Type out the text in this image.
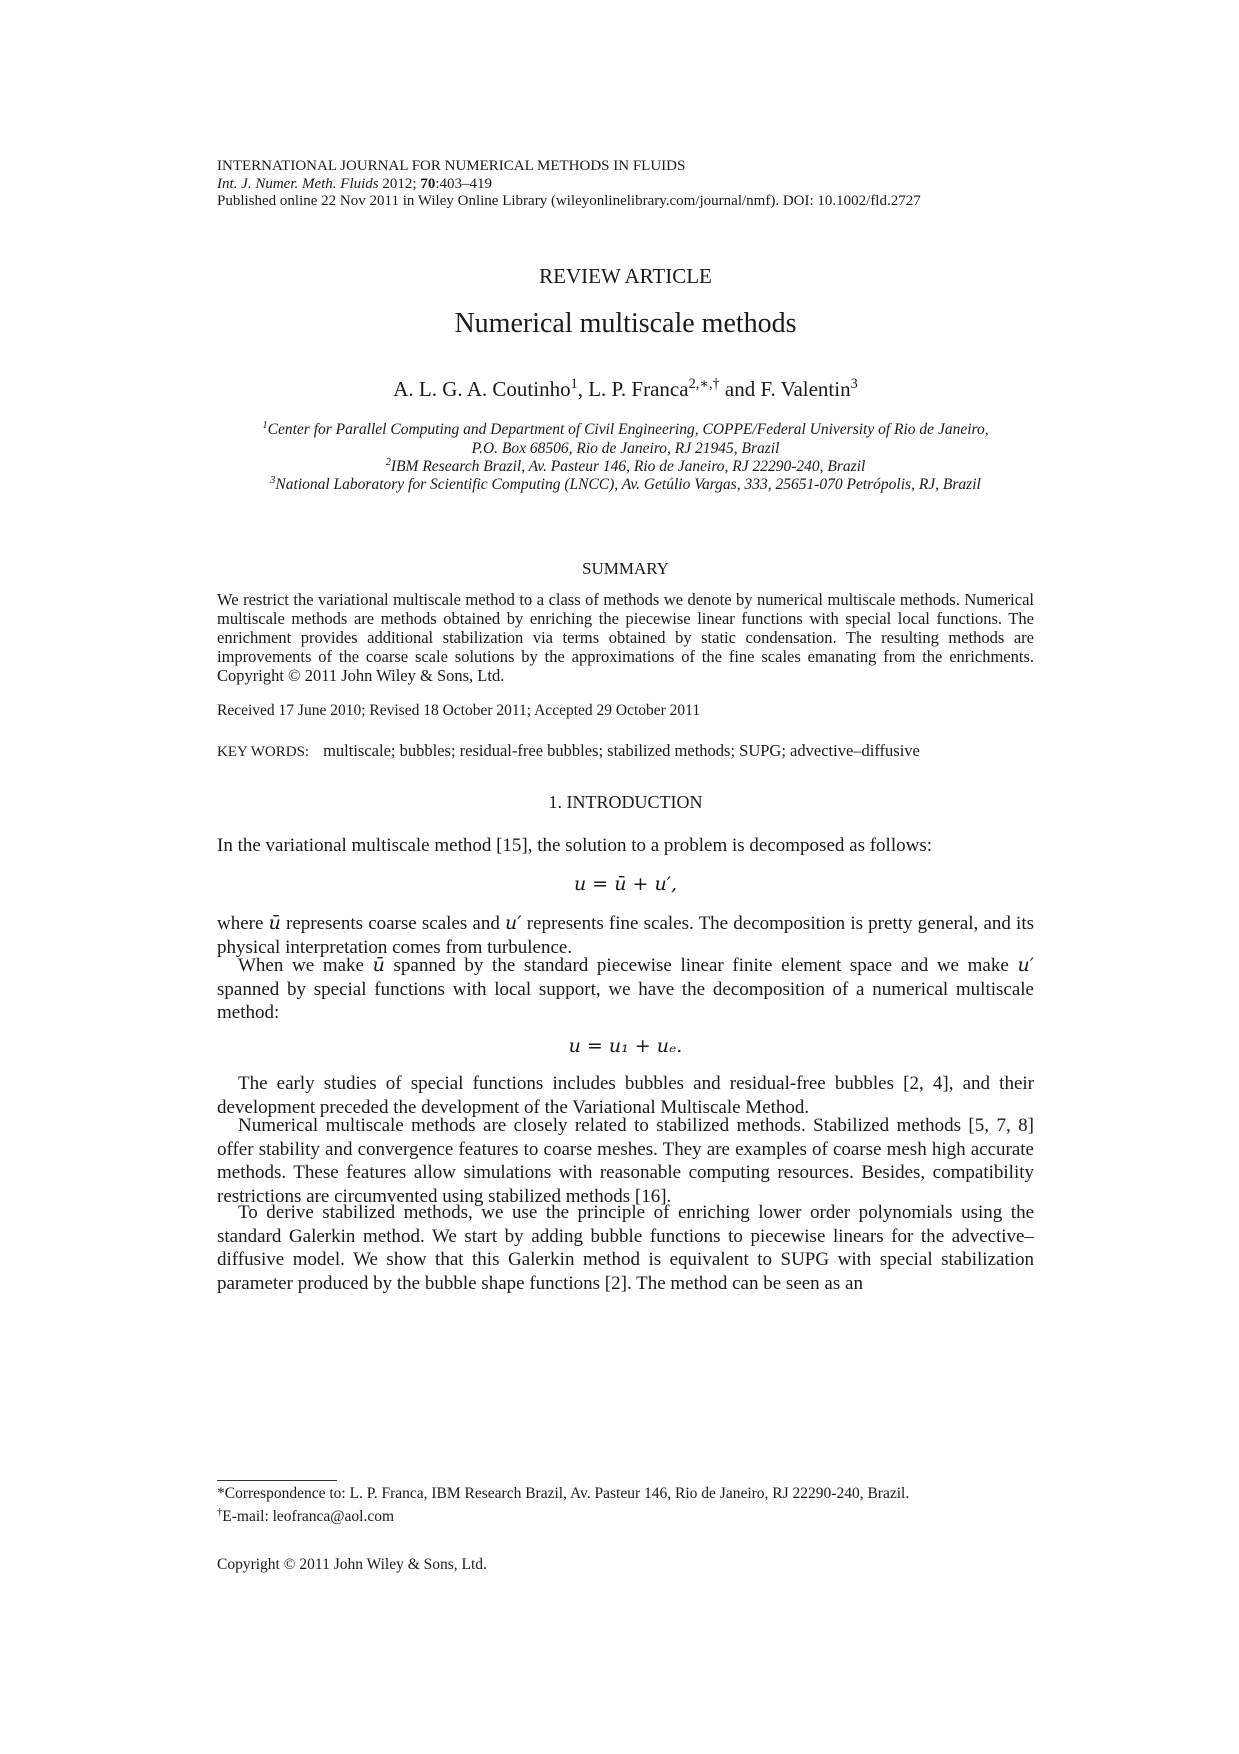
INTERNATIONAL JOURNAL FOR NUMERICAL METHODS IN FLUIDS
Int. J. Numer. Meth. Fluids 2012; 70:403–419
Published online 22 Nov 2011 in Wiley Online Library (wileyonlinelibrary.com/journal/nmf). DOI: 10.1002/fld.2727
REVIEW ARTICLE
Numerical multiscale methods
A. L. G. A. Coutinho$^1$, L. P. Franca$^{2,∗,\dagger}$ and F. Valentin$^3$
$^1$Center for Parallel Computing and Department of Civil Engineering, COPPE/Federal University of Rio de Janeiro,
P.O. Box 68506, Rio de Janeiro, RJ 21945, Brazil
$^2$IBM Research Brazil, Av. Pasteur 146, Rio de Janeiro, RJ 22290-240, Brazil
$^3$National Laboratory for Scientific Computing (LNCC), Av. Getúlio Vargas, 333, 25651-070 Petrópolis, RJ, Brazil
SUMMARY
We restrict the variational multiscale method to a class of methods we denote by numerical multiscale methods. Numerical multiscale methods are methods obtained by enriching the piecewise linear functions with special local functions. The enrichment provides additional stabilization via terms obtained by static condensation. The resulting methods are improvements of the coarse scale solutions by the approximations of the fine scales emanating from the enrichments. Copyright © 2011 John Wiley & Sons, Ltd.
Received 17 June 2010; Revised 18 October 2011; Accepted 29 October 2011
KEY WORDS: multiscale; bubbles; residual-free bubbles; stabilized methods; SUPG; advective–diffusive
1. INTRODUCTION
In the variational multiscale method [15], the solution to a problem is decomposed as follows:
u = ū + u′,
where ū represents coarse scales and u′ represents fine scales. The decomposition is pretty general, and its physical interpretation comes from turbulence.
When we make ū spanned by the standard piecewise linear finite element space and we make u′ spanned by special functions with local support, we have the decomposition of a numerical multiscale method:
u = u₁ + uₑ.
The early studies of special functions includes bubbles and residual-free bubbles [2, 4], and their development preceded the development of the Variational Multiscale Method.
Numerical multiscale methods are closely related to stabilized methods. Stabilized methods [5, 7, 8] offer stability and convergence features to coarse meshes. They are examples of coarse mesh high accurate methods. These features allow simulations with reasonable computing resources. Besides, compatibility restrictions are circumvented using stabilized methods [16].
To derive stabilized methods, we use the principle of enriching lower order polynomials using the standard Galerkin method. We start by adding bubble functions to piecewise linears for the advective–diffusive model. We show that this Galerkin method is equivalent to SUPG with special stabilization parameter produced by the bubble shape functions [2]. The method can be seen as an
*Correspondence to: L. P. Franca, IBM Research Brazil, Av. Pasteur 146, Rio de Janeiro, RJ 22290-240, Brazil.
†E-mail: leofranca@aol.com
Copyright © 2011 John Wiley & Sons, Ltd.
